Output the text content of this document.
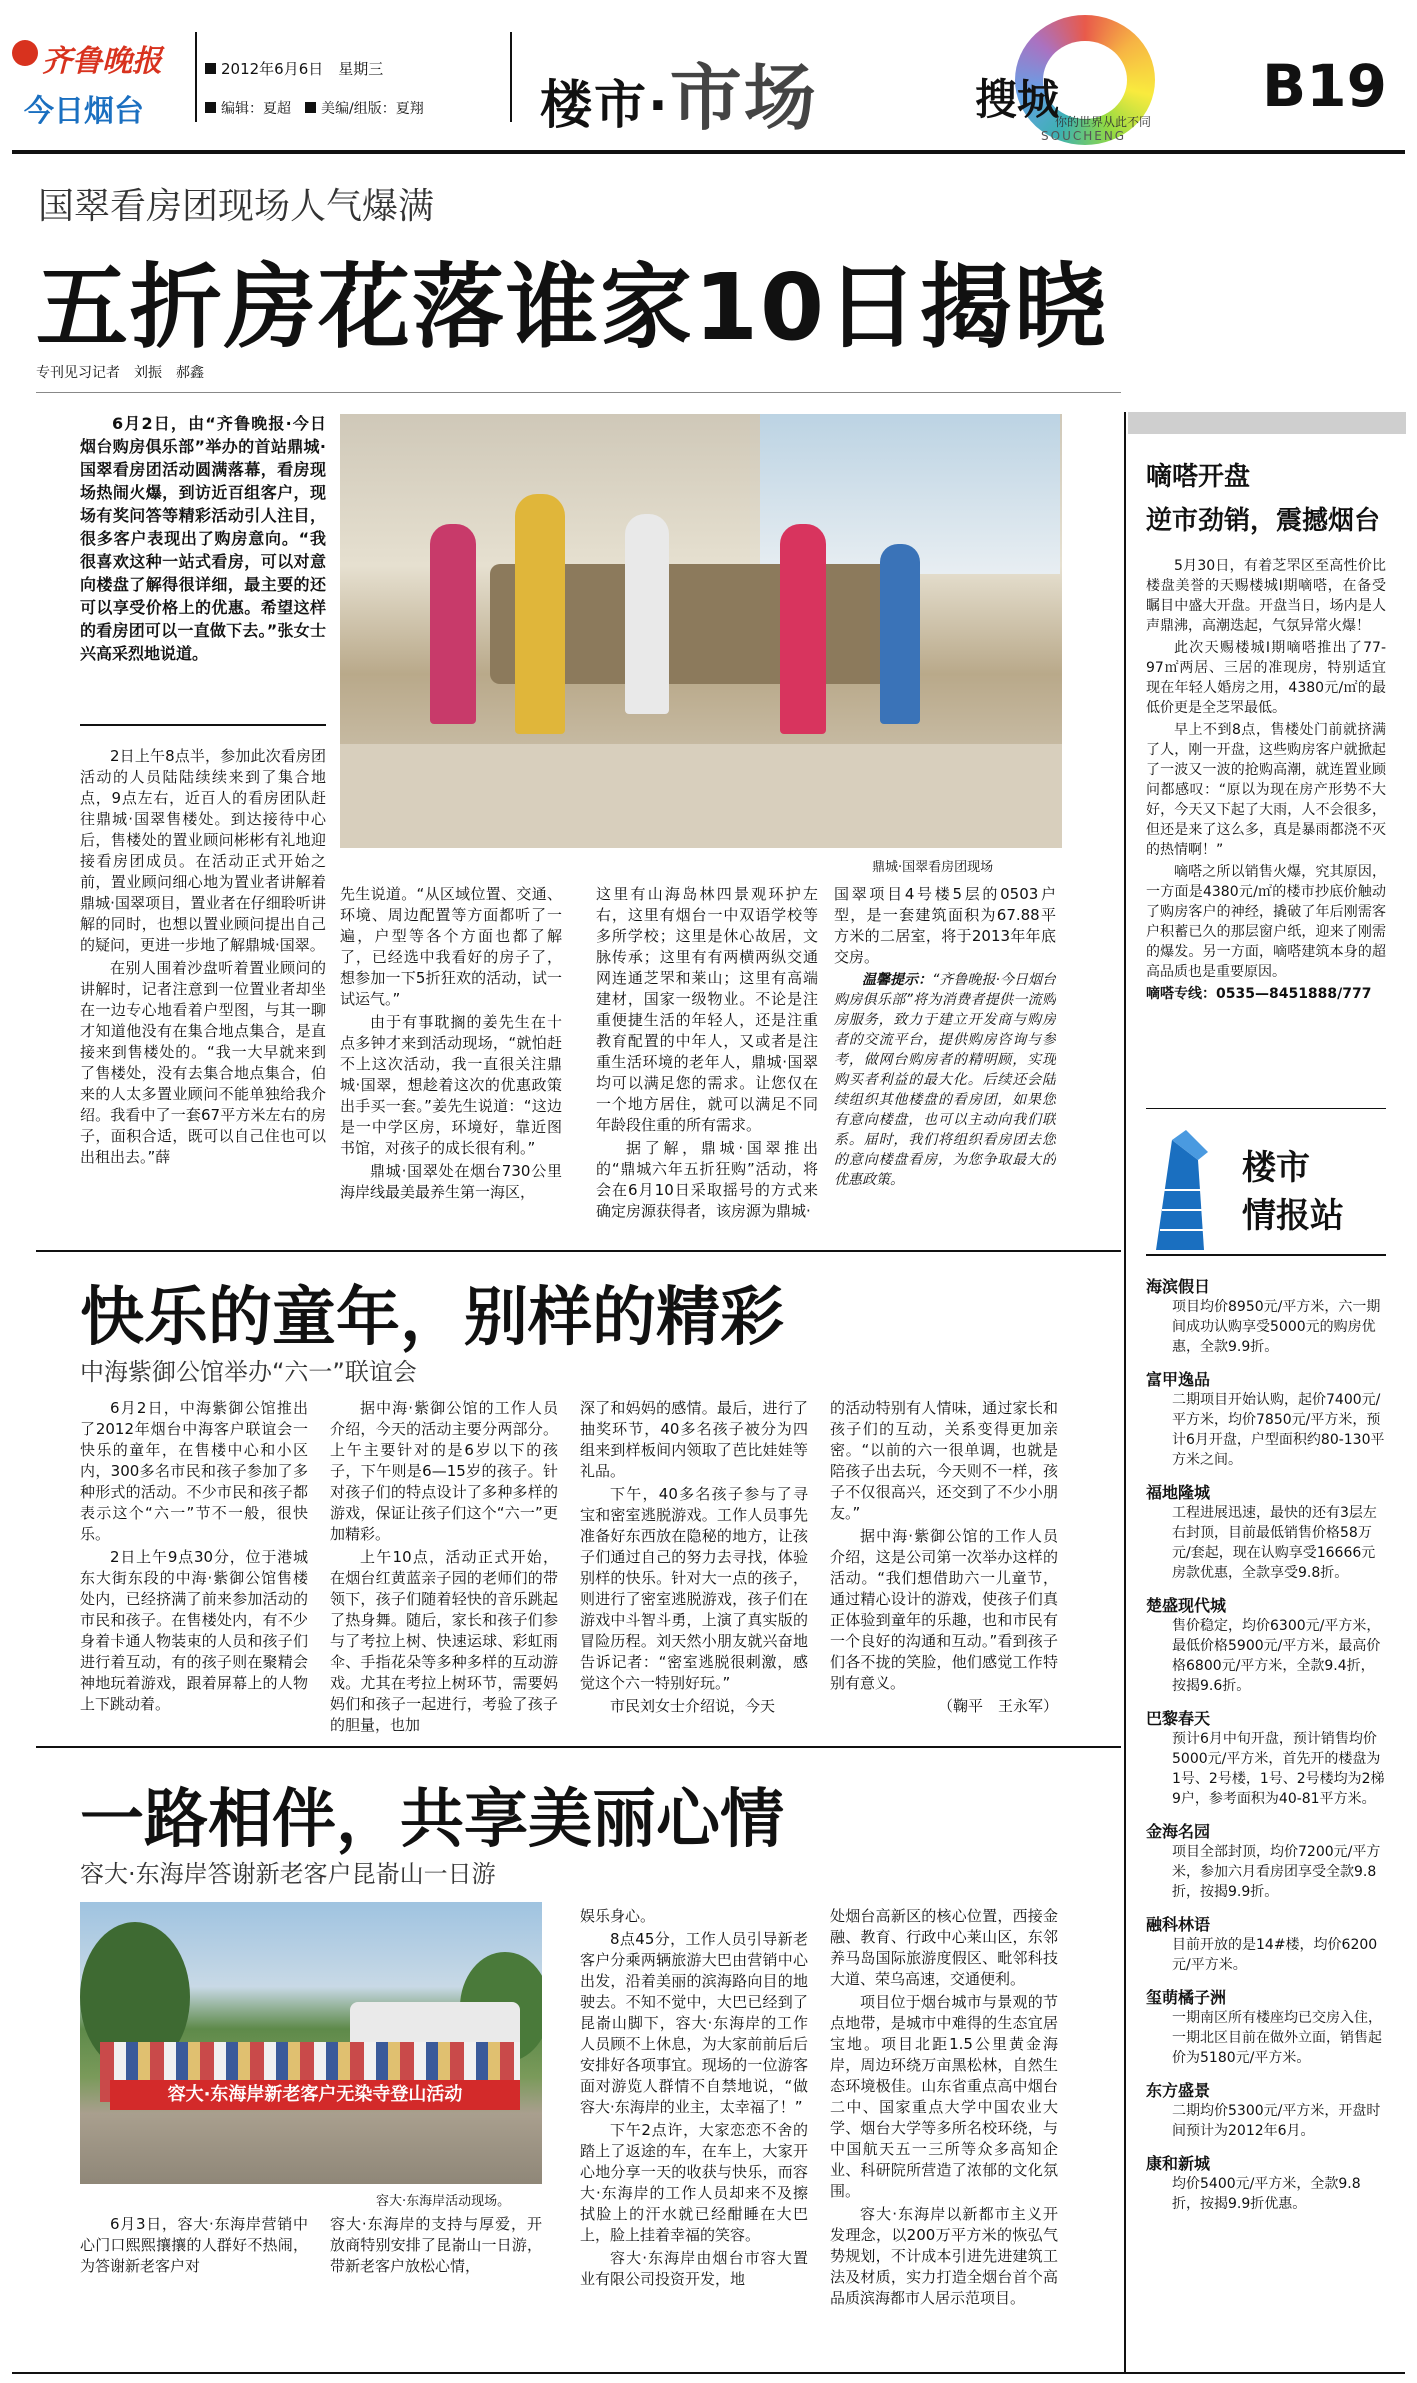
齐鲁晚报
今日烟台
2012年6月6日　 星期三
编辑：夏超　 美编/组版：夏翔 楼市·市场	搜城
你的世界从此不同
SOUCHENG
B19
国翠看房团现场人气爆满
五折房花落谁家10日揭晓
专刊见习记者　刘振　郝鑫

6月2日，由“齐鲁晚报·今日烟台购房俱乐部”举办的首站鼎城·国翠看房团活动圆满落幕，看房现场热闹火爆，到访近百组客户，现场有奖问答等精彩活动引人注目，很多客户表现出了购房意向。“我很喜欢这种一站式看房，可以对意向楼盘了解得很详细，最主要的还可以享受价格上的优惠。希望这样的看房团可以一直做下去。”张女士兴高采烈地说道。

鼎城·国翠看房团现场

2日上午8点半，参加此次看房团活动的人员陆陆续续来到了集合地点，9点左右，近百人的看房团队赶往鼎城·国翠售楼处。到达接待中心后，售楼处的置业顾问彬彬有礼地迎接看房团成员。在活动正式开始之前，置业顾问细心地为置业者讲解着鼎城·国翠项目，置业者在仔细聆听讲解的同时，也想以置业顾问提出自己的疑问，更进一步地了解鼎城·国翠。

在别人围着沙盘听着置业顾问的讲解时，记者注意到一位置业者却坐在一边专心地看着户型图，与其一聊才知道他没有在集合地点集合，是直接来到售楼处的。“我一大早就来到了售楼处，没有去集合地点集合，伯来的人太多置业顾问不能单独给我介绍。我看中了一套67平方米左右的房子，面积合适，既可以自己住也可以出租出去。”薛

先生说道。“从区域位置、交通、环境、周边配置等方面都听了一遍，户型等各个方面也都了解了，已经选中我看好的房子了，想参加一下5折狂欢的活动，试一试运气。”

由于有事耽搁的姜先生在十点多钟才来到活动现场，“就怕赶不上这次活动，我一直很关注鼎城·国翠，想趁着这次的优惠政策出手买一套。”姜先生说道：“这边是一中学区房，环境好，靠近图书馆，对孩子的成长很有利。”

鼎城·国翠处在烟台730公里海岸线最美最养生第一海区，

这里有山海岛林四景观环护左右，这里有烟台一中双语学校等多所学校；这里是休心故居，文脉传承；这里有有两横两纵交通网连通芝罘和莱山；这里有高端建材，国家一级物业。不论是注重便捷生活的年轻人，还是注重教育配置的中年人，又或者是注重生活环境的老年人，鼎城·国翠均可以满足您的需求。让您仅在一个地方居住，就可以满足不同年龄段住重的所有需求。

据了解，鼎城·国翠推出的“鼎城六年五折狂购”活动，将会在6月10日采取摇号的方式来确定房源获得者，该房源为鼎城·

国翠项目4号楼5层的0503户型，是一套建筑面积为67.88平方米的二居室，将于2013年年底交房。

温馨提示：“齐鲁晚报·今日烟台购房俱乐部”将为消费者提供一流购房服务，致力于建立开发商与购房者的交流平台，提供购房咨询与参考，做网台购房者的精明顾，实现购买者利益的最大化。后续还会陆续组织其他楼盘的看房团，如果您有意向楼盘，也可以主动向我们联系。届时，我们将组织看房团去您的意向楼盘看房，为您争取最大的优惠政策。

嘀嗒开盘
逆市劲销，震撼烟台

5月30日，有着芝罘区至高性价比楼盘美誉的天赐楼城Ⅰ期嘀嗒，在备受瞩目中盛大开盘。开盘当日，场内是人声鼎沸，高潮迭起，气氛异常火爆！

此次天赐楼城Ⅰ期嘀嗒推出了77-97㎡两居、三居的准现房，特别适宜现在年轻人婚房之用，4380元/㎡的最低价更是全芝罘最低。

早上不到8点，售楼处门前就挤满了人，刚一开盘，这些购房客户就掀起了一波又一波的抢购高潮，就连置业顾问都感叹：“原以为现在房产形势不大好，今天又下起了大雨，人不会很多，但还是来了这么多，真是暴雨都浇不灭的热情啊！”

嘀嗒之所以销售火爆，究其原因，一方面是4380元/㎡的楼市抄底价触动了购房客户的神经，撬破了年后刚需客户积蓄已久的那层窗户纸，迎来了刚需的爆发。另一方面，嘀嗒建筑本身的超高品质也是重要原因。

嘀嗒专线：0535—8451888/777

楼市
情报站
海滨假日
项目均价8950元/平方米，六一期间成功认购享受5000元的购房优惠，全款9.9折。
富甲逸品
二期项目开始认购，起价7400元/平方米，均价7850元/平方米，预计6月开盘，户型面积约80-130平方米之间。
福地隆城
工程进展迅速，最快的还有3层左右封顶，目前最低销售价格58万元/套起，现在认购享受16666元房款优惠，全款享受9.8折。
楚盛现代城
售价稳定，均价6300元/平方米，最低价格5900元/平方米，最高价格6800元/平方米，全款9.4折，按揭9.6折。
巴黎春天
预计6月中旬开盘，预计销售均价5000元/平方米，首先开的楼盘为1号、2号楼，1号、2号楼均为2梯9户，参考面积为40-81平方米。
金海名园
项目全部封顶，均价7200元/平方米，参加六月看房团享受全款9.8折，按揭9.9折。
融科林语
目前开放的是14#楼，均价6200元/平方米。
玺萌橘子洲
一期南区所有楼座均已交房入住，一期北区目前在做外立面，销售起价为5180元/平方米。
东方盛景
二期均价5300元/平方米，开盘时间预计为2012年6月。
康和新城
均价5400元/平方米，全款9.8折，按揭9.9折优惠。
快乐的童年，别样的精彩
中海紫御公馆举办“六一”联谊会

6月2日，中海紫御公馆推出了2012年烟台中海客户联谊会一快乐的童年，在售楼中心和小区内，300多名市民和孩子参加了多种形式的活动。不少市民和孩子都表示这个“六一”节不一般，很快乐。

2日上午9点30分，位于港城东大街东段的中海·紫御公馆售楼处内，已经挤满了前来参加活动的市民和孩子。在售楼处内，有不少身着卡通人物装束的人员和孩子们进行着互动，有的孩子则在聚精会神地玩着游戏，跟着屏幕上的人物上下跳动着。

据中海·紫御公馆的工作人员介绍，今天的活动主要分两部分。上午主要针对的是6岁以下的孩子，下午则是6—15岁的孩子。针对孩子们的特点设计了多种多样的游戏，保证让孩子们这个“六一”更加精彩。

上午10点，活动正式开始，在烟台红黄蓝亲子园的老师们的带领下，孩子们随着轻快的音乐跳起了热身舞。随后，家长和孩子们参与了考拉上树、快速运球、彩虹雨伞、手指花朵等多种多样的互动游戏。尤其在考拉上树环节，需要妈妈们和孩子一起进行，考验了孩子的胆量，也加

深了和妈妈的感情。最后，进行了抽奖环节，40多名孩子被分为四组来到样板间内领取了芭比娃娃等礼品。

下午，40多名孩子参与了寻宝和密室逃脱游戏。工作人员事先准备好东西放在隐秘的地方，让孩子们通过自己的努力去寻找，体验别样的快乐。针对大一点的孩子，则进行了密室逃脱游戏，孩子们在游戏中斗智斗勇，上演了真实版的冒险历程。刘天然小朋友就兴奋地告诉记者：“密室逃脱很刺激，感觉这个六一特别好玩。”

市民刘女士介绍说，今天

的活动特别有人情味，通过家长和孩子们的互动，关系变得更加亲密。“以前的六一很单调，也就是陪孩子出去玩，今天则不一样，孩子不仅很高兴，还交到了不少小朋友。”

据中海·紫御公馆的工作人员介绍，这是公司第一次举办这样的活动。“我们想借助六一儿童节，通过精心设计的游戏，使孩子们真正体验到童年的乐趣，也和市民有一个良好的沟通和互动。”看到孩子们各不拢的笑脸，他们感觉工作特别有意义。

（鞠平　王永军）

一路相伴，共享美丽心情
容大·东海岸答谢新老客户昆嵛山一日游
容大·东海岸新老客户无染寺登山活动
容大·东海岸活动现场。

6月3日，容大·东海岸营销中心门口熙熙攘攘的人群好不热闹，为答谢新老客户对

容大·东海岸的支持与厚爱，开放商特别安排了昆嵛山一日游，带新老客户放松心情，

娱乐身心。

8点45分，工作人员引导新老客户分乘两辆旅游大巴由营销中心出发，沿着美丽的滨海路向目的地驶去。不知不觉中，大巴已经到了昆嵛山脚下，容大·东海岸的工作人员顾不上休息，为大家前前后后安排好各项事宜。现场的一位游客面对游览人群情不自禁地说，“做容大·东海岸的业主，太幸福了！”

下午2点许，大家恋恋不舍的踏上了返途的车，在车上，大家开心地分享一天的收获与快乐，而容大·东海岸的工作人员却来不及擦拭脸上的汗水就已经酣睡在大巴上，脸上挂着幸福的笑容。

容大·东海岸由烟台市容大置业有限公司投资开发，地

处烟台高新区的核心位置，西接金融、教育、行政中心莱山区，东邻养马岛国际旅游度假区、毗邻科技大道、荣乌高速，交通便利。

项目位于烟台城市与景观的节点地带，是城市中难得的生态宜居宝地。项目北距1.5公里黄金海岸，周边环绕万亩黑松林，自然生态环境极佳。山东省重点高中烟台二中、国家重点大学中国农业大学、烟台大学等多所名校环绕，与中国航天五一三所等众多高知企业、科研院所营造了浓郁的文化氛围。

容大·东海岸以新都市主义开发理念，以200万平方米的恢弘气势规划，不计成本引进先进建筑工法及材质，实力打造全烟台首个高品质滨海都市人居示范项目。
